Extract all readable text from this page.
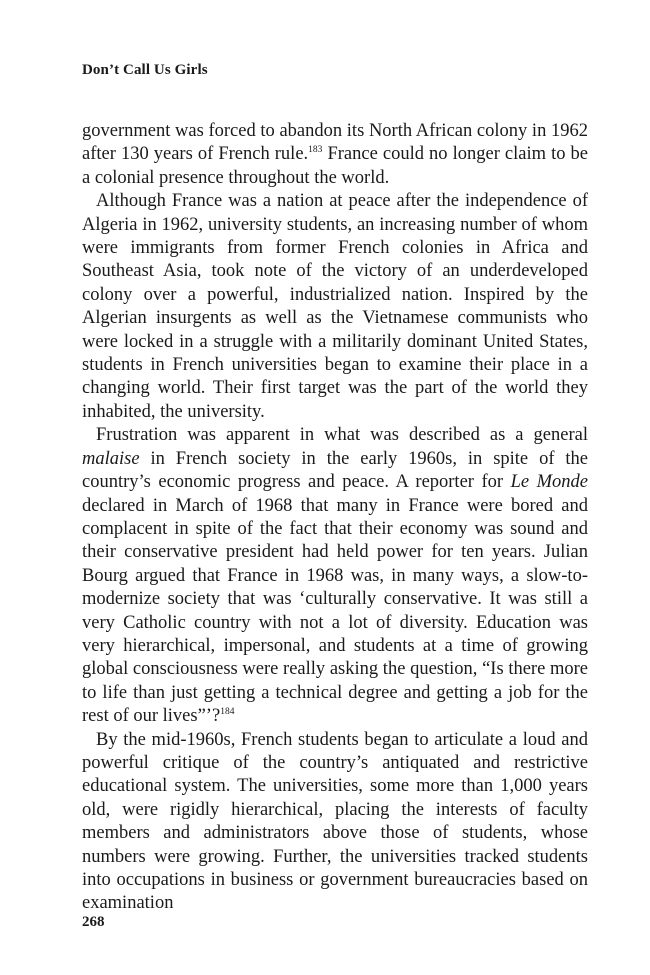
Don’t Call Us Girls

government was forced to abandon its North African colony in 1962 after 130 years of French rule.$^{183}$ France could no longer claim to be a colonial presence throughout the world.

Although France was a nation at peace after the independence of Algeria in 1962, university students, an increasing number of whom were immigrants from former French colonies in Africa and Southeast Asia, took note of the victory of an underdeveloped colony over a powerful, industrialized nation. Inspired by the Algerian insurgents as well as the Vietnamese communists who were locked in a struggle with a militarily dominant United States, students in French universities began to examine their place in a changing world. Their first target was the part of the world they inhabited, the university.

Frustration was apparent in what was described as a general malaise in French society in the early 1960s, in spite of the country’s economic progress and peace. A reporter for Le Monde declared in March of 1968 that many in France were bored and complacent in spite of the fact that their economy was sound and their conservative president had held power for ten years. Julian Bourg argued that France in 1968 was, in many ways, a slow-to-modernize society that was ‘culturally conservative. It was still a very Catholic country with not a lot of diversity. Education was very hierarchical, impersonal, and students at a time of growing global consciousness were really asking the question, “Is there more to life than just getting a technical degree and getting a job for the rest of our lives”’?$^{184}$

By the mid-1960s, French students began to articulate a loud and powerful critique of the country’s antiquated and restrictive educational system. The universities, some more than 1,000 years old, were rigidly hierarchical, placing the interests of faculty members and administrators above those of students, whose numbers were growing. Further, the universities tracked students into occupations in business or government bureaucracies based on examination

268
